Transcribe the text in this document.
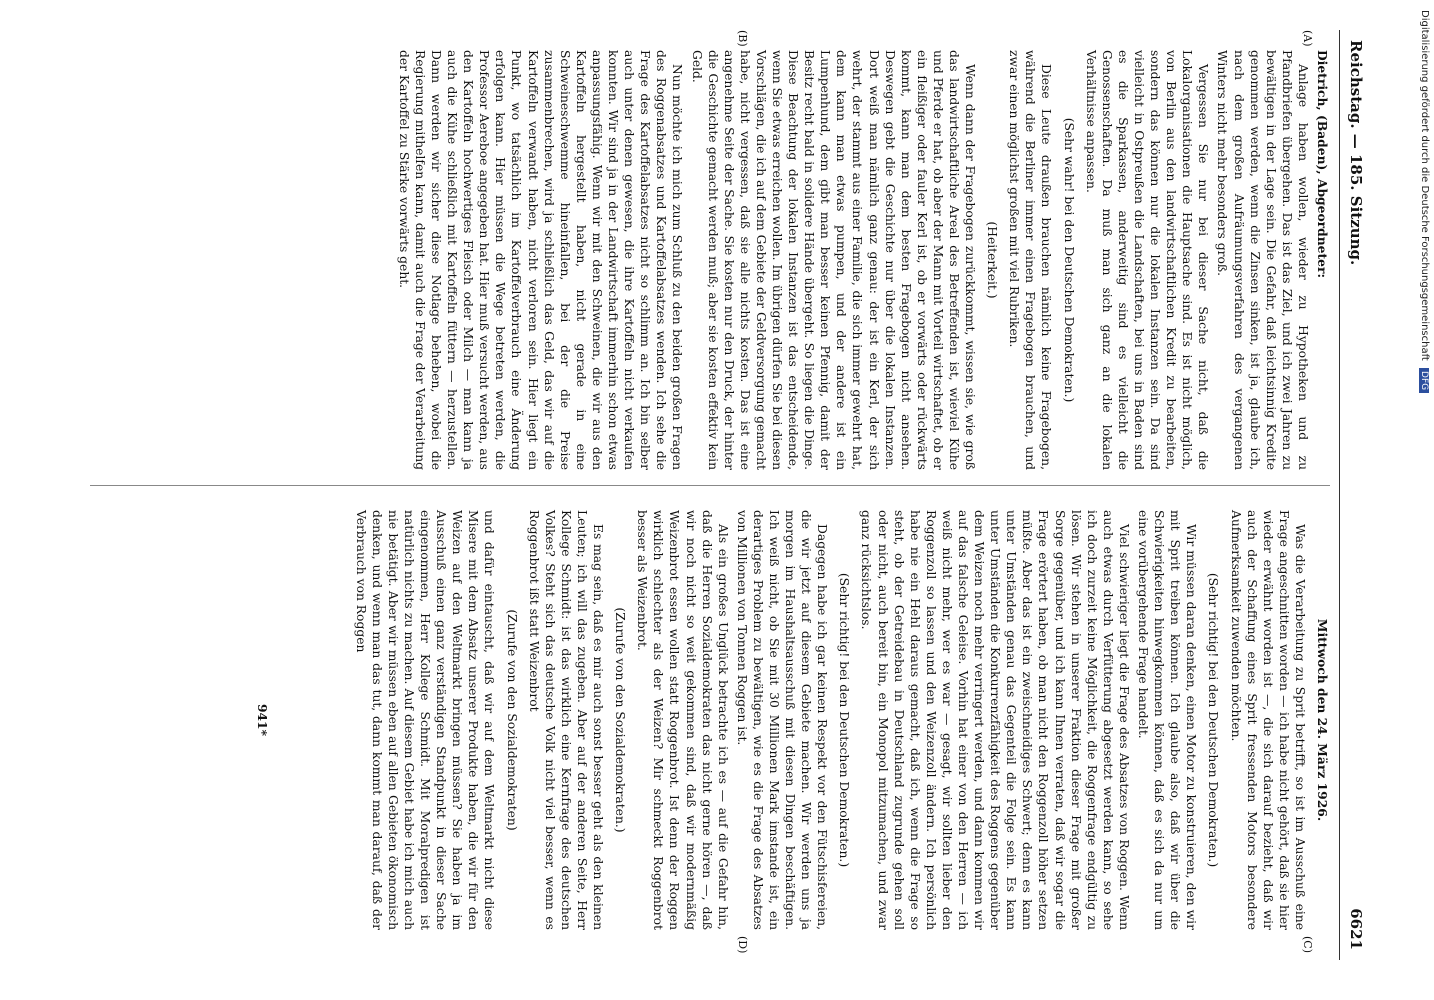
Reichstag. — 185. Sitzung.
6621
(A)
(B)

Dietrich, (Baden), Abgeordneter:

Anlage haben wollen, wieder zu Hypotheken und zu Pfandbriefen übergehen. Das ist das Ziel, und ich zwei Jahren zu bewältigen in der Lage sein. Die Gefahr, daß leichtsinnig Kredite genommen werden, wenn die Zinsen sinken, ist ja, glaube ich, nach dem großen Aufräumungsverfahren des vergangenen Winters nicht mehr besonders groß.

Vergessen Sie nur bei dieser Sache nicht, daß die Lokalorganisationen die Hauptsache sind. Es ist nicht möglich, von Berlin aus den landwirtschaftlichen Kredit zu bearbeiten, sondern das können nur die lokalen Instanzen sein. Da sind vielleicht in Ostpreußen die Landschaften, bei uns in Baden sind es die Sparkassen, anderweitig sind es vielleicht die Genossenschaften. Da muß man sich ganz an die lokalen Verhältnisse anpassen.

(Sehr wahr! bei den Deutschen Demokraten.)

Diese Leute draußen brauchen nämlich keine Fragebogen, während die Berliner immer einen Fragebogen brauchen, und zwar einen möglichst großen mit viel Rubriken.

(Heiterkeit.)

Wenn dann der Fragebogen zurückkommt, wissen sie, wie groß das landwirtschaftliche Areal des Betreffenden ist, wieviel Kühe und Pferde er hat, ob aber der Mann mit Vorteil wirtschaftet, ob er ein fleißiger oder fauler Kerl ist, ob er vorwärts oder rückwärts kommt, kann man dem besten Fragebogen nicht ansehen. Deswegen gebt die Geschichte nur über die lokalen Instanzen. Dort weiß man nämlich ganz genau: der ist ein Kerl, der sich wehrt, der stammt aus einer Familie, die sich immer gewehrt hat, dem kann man etwas pumpen, und der andere ist ein Lumpenhund, dem gibt man besser keinen Pfennig, damit der Besitz recht bald in solidere Hände übergeht. So liegen die Dinge. Diese Beachtung der lokalen Instanzen ist das entscheidende, wenn Sie etwas erreichen wollen. Im übrigen dürfen Sie bei diesen Vorschlägen, die ich auf dem Gebiete der Geldversorgung gemacht habe, nicht vergessen, daß sie alle nichts kosten. Das ist eine angenehme Seite der Sache. Sie kosten nur den Druck, der hinter die Geschichte gemacht werden muß; aber sie kosten effektiv kein Geld.

Nun möchte ich mich zum Schluß zu den beiden großen Fragen des Roggenabsatzes und Kartoffelabsatzes wenden. Ich sehe die Frage des Kartoffelabsatzes nicht so schlimm an. Ich bin selber auch unter denen gewesen, die ihre Kartoffeln nicht verkaufen konnten. Wir sind ja in der Landwirtschaft immerhin schon etwas anpassungsfähig. Wenn wir mit den Schweinen, die wir aus den Kartoffeln hergestellt haben, nicht gerade in eine Schweineschwemme hineinfallen, bei der die Preise zusammenbrechen, wird ja schließlich das Geld, das wir auf die Kartoffeln verwandt haben, nicht verloren sein. Hier liegt ein Punkt, wo tatsächlich im Kartoffelverbrauch eine Änderung erfolgen kann. Hier müssen die Wege betreten werden, die Professor Aereboe angegeben hat. Hier muß versucht werden, aus den Kartoffeln hochwertiges Fleisch oder Milch — man kann ja auch die Kühe schließlich mit Kartoffeln füttern — herzustellen. Dann werden wir sicher diese Notlage beheben, wobei die Regierung mithelfen kann, damit auch die Frage der Verarbeitung der Kartoffel zu Stärke vorwärts geht.

Mittwoch den 24. März 1926.

Was die Verarbeitung zu Sprit betrifft, so ist im Ausschuß eine Frage angeschnitten worden — ich habe nicht gehört, daß sie hier wieder erwähnt worden ist —, die sich darauf bezieht, daß wir auch der Schaffung eines Sprit fressenden Motors besondere Aufmerksamkeit zuwenden möchten.

(Sehr richtig! bei den Deutschen Demokraten.)

Wir müssen daran denken, einen Motor zu konstruieren, den wir mit Sprit treiben können. Ich glaube also, daß wir über die Schwierigkeiten hinwegkommen können, daß es sich da nur um eine vorübergehende Frage handelt.

Viel schwieriger liegt die Frage des Absatzes von Roggen. Wenn auch etwas durch Verfütterung abgesetzt werden kann, so sehe ich doch zurzeit keine Möglichkeit, die Roggenfrage endgültig zu lösen. Wir stehen in unserer Fraktion dieser Frage mit großer Sorge gegenüber, und ich kann Ihnen verraten, daß wir sogar die Frage erörtert haben, ob man nicht den Roggenzoll höher setzen müßte. Aber das ist ein zweischneidiges Schwert; denn es kann unter Umständen genau das Gegenteil die Folge sein. Es kann unter Umständen die Konkurrenzfähigkeit des Roggens gegenüber dem Weizen noch mehr verringert werden, und dann kommen wir auf das falsche Geleise. Vorhin hat einer von den Herren — ich weiß nicht mehr, wer es war — gesagt, wir sollten lieber den Roggenzoll so lassen und den Weizenzoll ändern. Ich persönlich habe nie ein Hehl daraus gemacht, daß ich, wenn die Frage so steht, ob der Getreidebau in Deutschland zugrunde gehen soll oder nicht, auch bereit bin, ein Monopol mitzumachen, und zwar ganz rücksichtslos.

(Sehr richtig! bei den Deutschen Demokraten.)

Dagegen habe ich gar keinen Respekt vor den Fütschisfereien, die wir jetzt auf diesem Gebiete machen. Wir werden uns ja morgen im Haushaltsausschuß mit diesen Dingen beschäftigen. Ich weiß nicht, ob Sie mit 30 Millionen Mark imstande ist, ein derartiges Problem zu bewältigen, wie es die Frage des Absatzes von Millionen von Tonnen Roggen ist.

Als ein großes Unglück betrachte ich es — auf die Gefahr hin, daß die Herren Sozialdemokraten das nicht gerne hören —, daß wir noch nicht so weit gekommen sind, daß wir modernmäßig Weizenbrot essen wollen statt Roggenbrot. Ist denn der Roggen wirklich schlechter als der Weizen? Mir schmeckt Roggenbrot besser als Weizenbrot.

(Zurufe von den Sozialdemokraten.)

Es mag sein, daß es mir auch sonst besser geht als den kleinen Leuten; ich will das zugeben. Aber auf der anderen Seite, Herr Kollege Schmidt: ist das wirklich eine Kernfrage des deutschen Volkes? Steht sich das deutsche Volk nicht viel besser, wenn es Roggenbrot ißt statt Weizenbrot

(Zurufe von den Sozialdemokraten)

und dafür eintauscht, daß wir auf dem Weltmarkt nicht diese Misere mit dem Absatz unserer Produkte haben, die wir für den Weizen auf den Weltmarkt bringen müssen? Sie haben ja im Ausschuß einen ganz verständigen Standpunkt in dieser Sache eingenommen, Herr Kollege Schmidt. Mit Moralpredigen ist natürlich nichts zu machen. Auf diesem Gebiet habe ich mich auch nie betätigt. Aber wir müssen eben auf allen Gebieten ökonomisch denken, und wenn man das tut, dann kommt man darauf, daß der Verbrauch von Roggen

(C)
(D)
941*
Digitalisierung gefördert durch die Deutsche Forschungsgemeinschaft DFG
